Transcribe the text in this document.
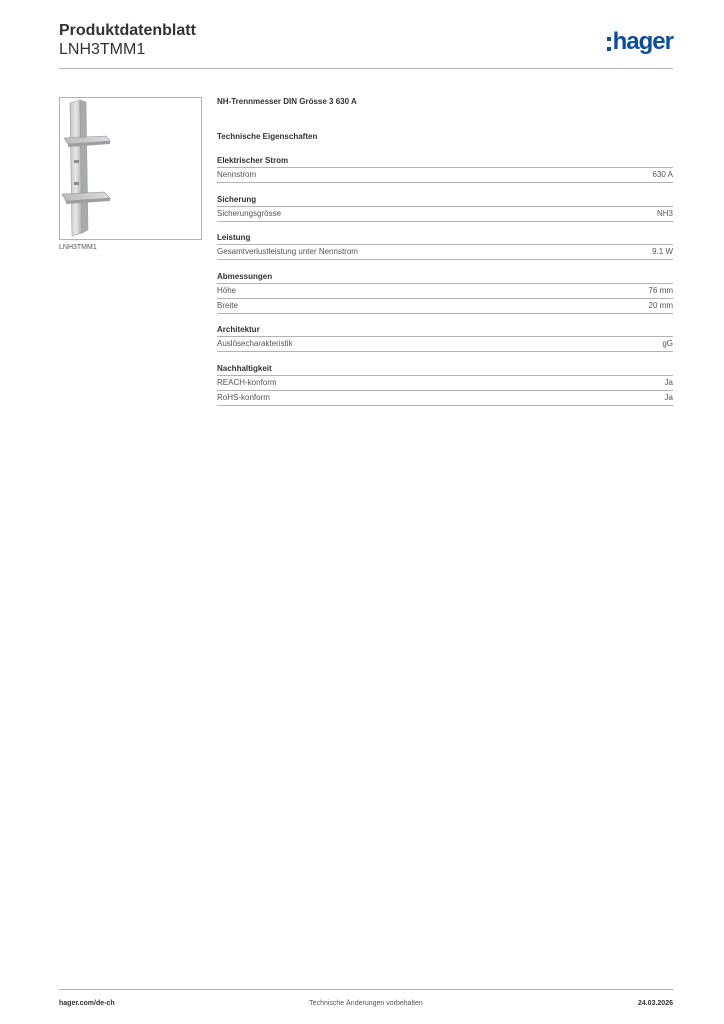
Produktdatenblatt
LNH3TMM1	hager
LNH3TMM1
NH-Trennmesser DIN Grösse 3 630 A
Technische Eigenschaften
Elektrischer Strom
Nennstrom	630 A
Sicherung
Sicherungsgrösse	NH3
Leistung
Gesamtverlustleistung unter Nennstrom	9.1 W
Abmessungen
Höhe	76 mm
Breite	20 mm
Architektur
Auslösecharakteristik	gG
Nachhaltigkeit
REACH-konform	Ja
RoHS-konform	Ja
hager.com/de-ch	Technische Änderungen vorbehalten	24.03.2026
